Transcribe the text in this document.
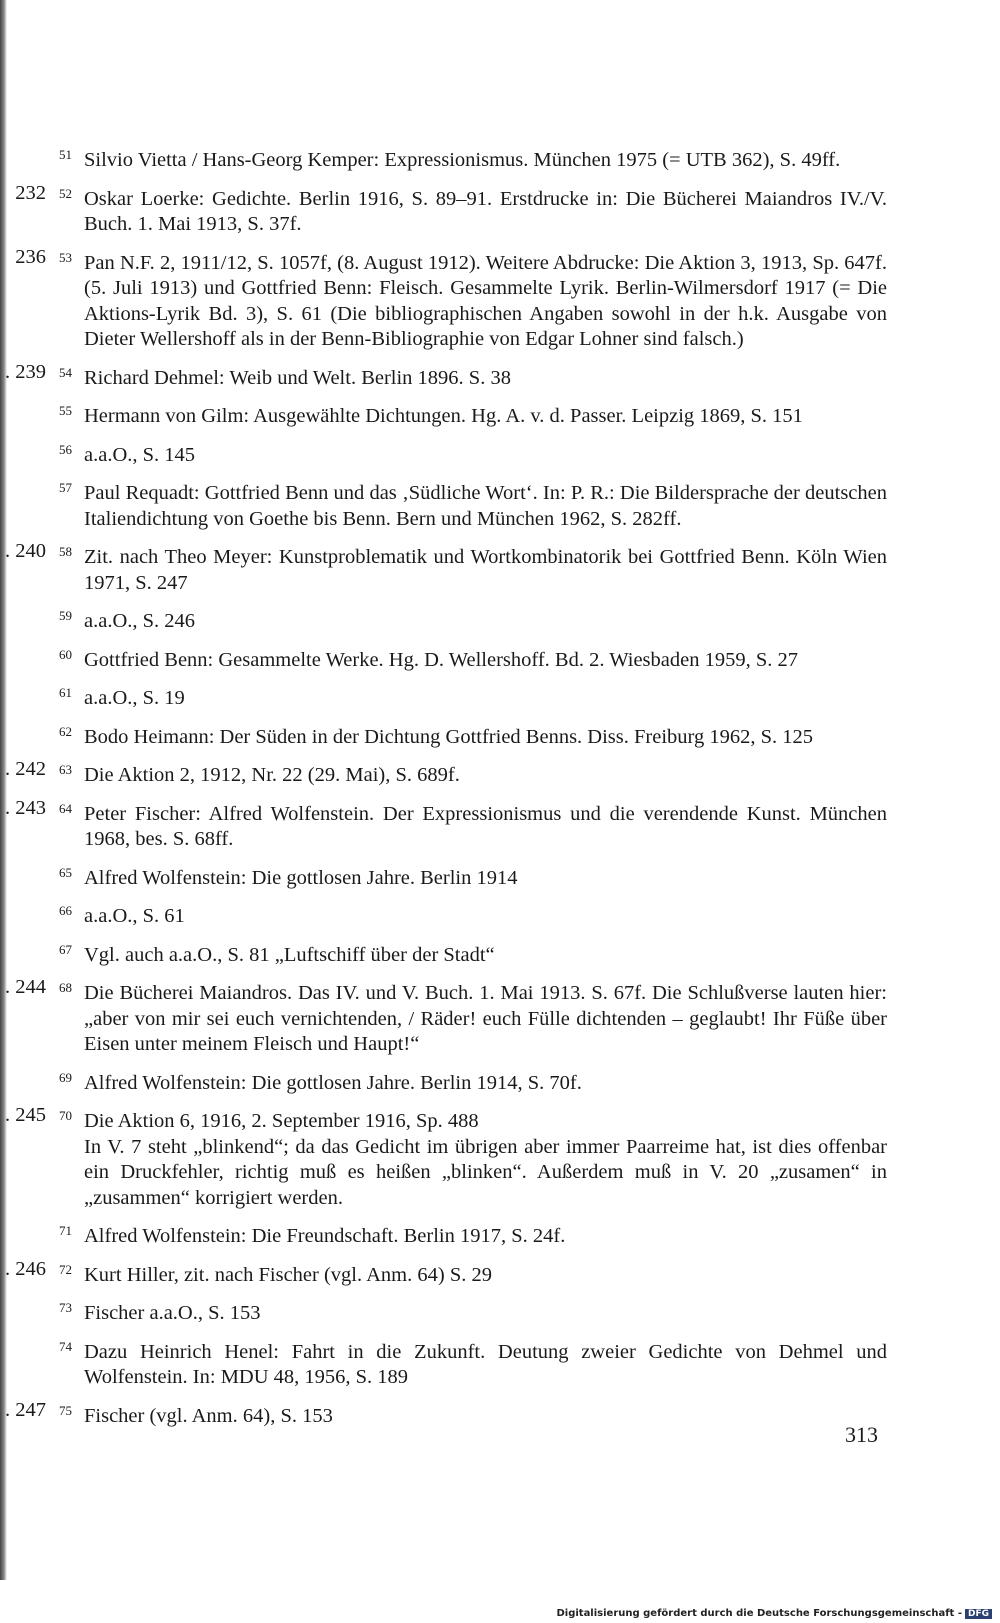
51 Silvio Vietta / Hans-Georg Kemper: Expressionismus. München 1975 (= UTB 362), S. 49ff.
232 52 Oskar Loerke: Gedichte. Berlin 1916, S. 89–91. Erstdrucke in: Die Bücherei Maiandros IV./V. Buch. 1. Mai 1913, S. 37f.
236 53 Pan N.F. 2, 1911/12, S. 1057f, (8. August 1912). Weitere Abdrucke: Die Aktion 3, 1913, Sp. 647f. (5. Juli 1913) und Gottfried Benn: Fleisch. Gesammelte Lyrik. Berlin-Wilmersdorf 1917 (= Die Aktions-Lyrik Bd. 3), S. 61 (Die bibliographischen Angaben sowohl in der h.k. Ausgabe von Dieter Wellershoff als in der Benn-Bibliographie von Edgar Lohner sind falsch.)
. 239 54 Richard Dehmel: Weib und Welt. Berlin 1896. S. 38
55 Hermann von Gilm: Ausgewählte Dichtungen. Hg. A. v. d. Passer. Leipzig 1869, S. 151
56 a.a.O., S. 145
57 Paul Requadt: Gottfried Benn und das ‚Südliche Wort‘. In: P. R.: Die Bildersprache der deutschen Italiendichtung von Goethe bis Benn. Bern und München 1962, S. 282ff.
. 240 58 Zit. nach Theo Meyer: Kunstproblematik und Wortkombinatorik bei Gottfried Benn. Köln Wien 1971, S. 247
59 a.a.O., S. 246
60 Gottfried Benn: Gesammelte Werke. Hg. D. Wellershoff. Bd. 2. Wiesbaden 1959, S. 27
61 a.a.O., S. 19
62 Bodo Heimann: Der Süden in der Dichtung Gottfried Benns. Diss. Freiburg 1962, S. 125
. 242 63 Die Aktion 2, 1912, Nr. 22 (29. Mai), S. 689f.
. 243 64 Peter Fischer: Alfred Wolfenstein. Der Expressionismus und die verendende Kunst. München 1968, bes. S. 68ff.
65 Alfred Wolfenstein: Die gottlosen Jahre. Berlin 1914
66 a.a.O., S. 61
67 Vgl. auch a.a.O., S. 81 „Luftschiff über der Stadt“
. 244 68 Die Bücherei Maiandros. Das IV. und V. Buch. 1. Mai 1913. S. 67f. Die Schlußverse lauten hier: „aber von mir sei euch vernichtenden, / Räder! euch Fülle dichtenden – geglaubt! Ihr Füße über Eisen unter meinem Fleisch und Haupt!“
69 Alfred Wolfenstein: Die gottlosen Jahre. Berlin 1914, S. 70f.
. 245 70 Die Aktion 6, 1916, 2. September 1916, Sp. 488
In V. 7 steht „blinkend“; da das Gedicht im übrigen aber immer Paarreime hat, ist dies offenbar ein Druckfehler, richtig muß es heißen „blinken“. Außerdem muß in V. 20 „zusamen“ in „zusammen“ korrigiert werden.
71 Alfred Wolfenstein: Die Freundschaft. Berlin 1917, S. 24f.
. 246 72 Kurt Hiller, zit. nach Fischer (vgl. Anm. 64) S. 29
73 Fischer a.a.O., S. 153
74 Dazu Heinrich Henel: Fahrt in die Zukunft. Deutung zweier Gedichte von Dehmel und Wolfenstein. In: MDU 48, 1956, S. 189
. 247 75 Fischer (vgl. Anm. 64), S. 153
313
Digitalisierung gefördert durch die Deutsche Forschungsgemeinschaft - DFG
